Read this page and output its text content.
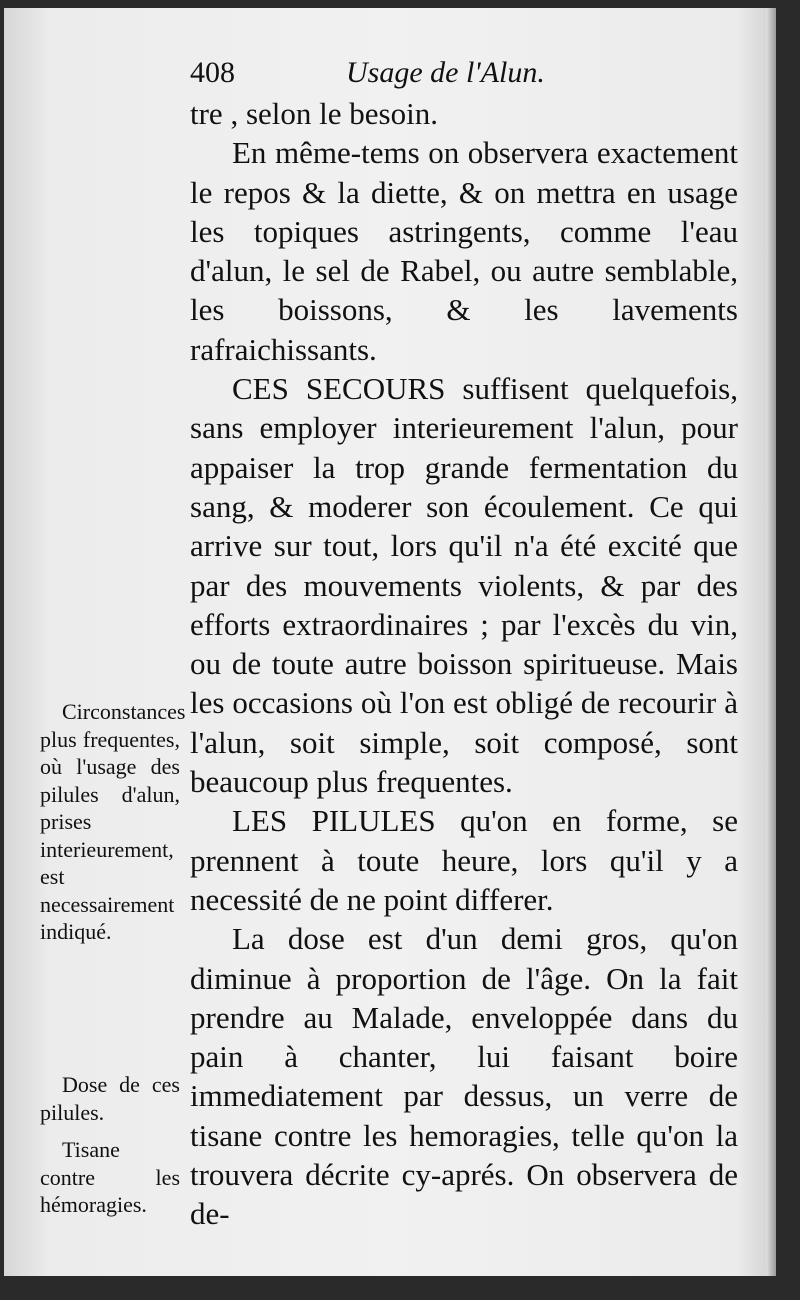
408	Usage de l'Alun.

tre , selon le besoin.

En même-tems on observera exactement le repos & la diette, & on mettra en usage les topiques astringents, comme l'eau d'alun, le sel de Rabel, ou autre semblable, les boissons, & les lavements rafraichissants.

CES SECOURS suffisent quelquefois, sans employer interieurement l'alun, pour appaiser la trop grande fermentation du sang, & moderer son écoulement. Ce qui arrive sur tout, lors qu'il n'a été excité que par des mouvements violents, & par des efforts extraordinaires ; par l'excès du vin, ou de toute autre boisson spiritueuse. Mais les occasions où l'on est obligé de recourir à l'alun, soit simple, soit composé, sont beaucoup plus frequentes.

LES PILULES qu'on en forme, se prennent à toute heure, lors qu'il y a necessité de ne point differer.

La dose est d'un demi gros, qu'on diminue à proportion de l'âge. On la fait prendre au Malade, enveloppée dans du pain à chanter, lui faisant boire immediatement par dessus, un verre de tisane contre les hemoragies, telle qu'on la trouvera décrite cy-aprés. On observera de de-

Circonstances plus frequentes, où l'usage des pilules d'alun, prises interieurement, est necessairement indiqué.

Dose de ces pilules.

Tisane contre les hémoragies.
